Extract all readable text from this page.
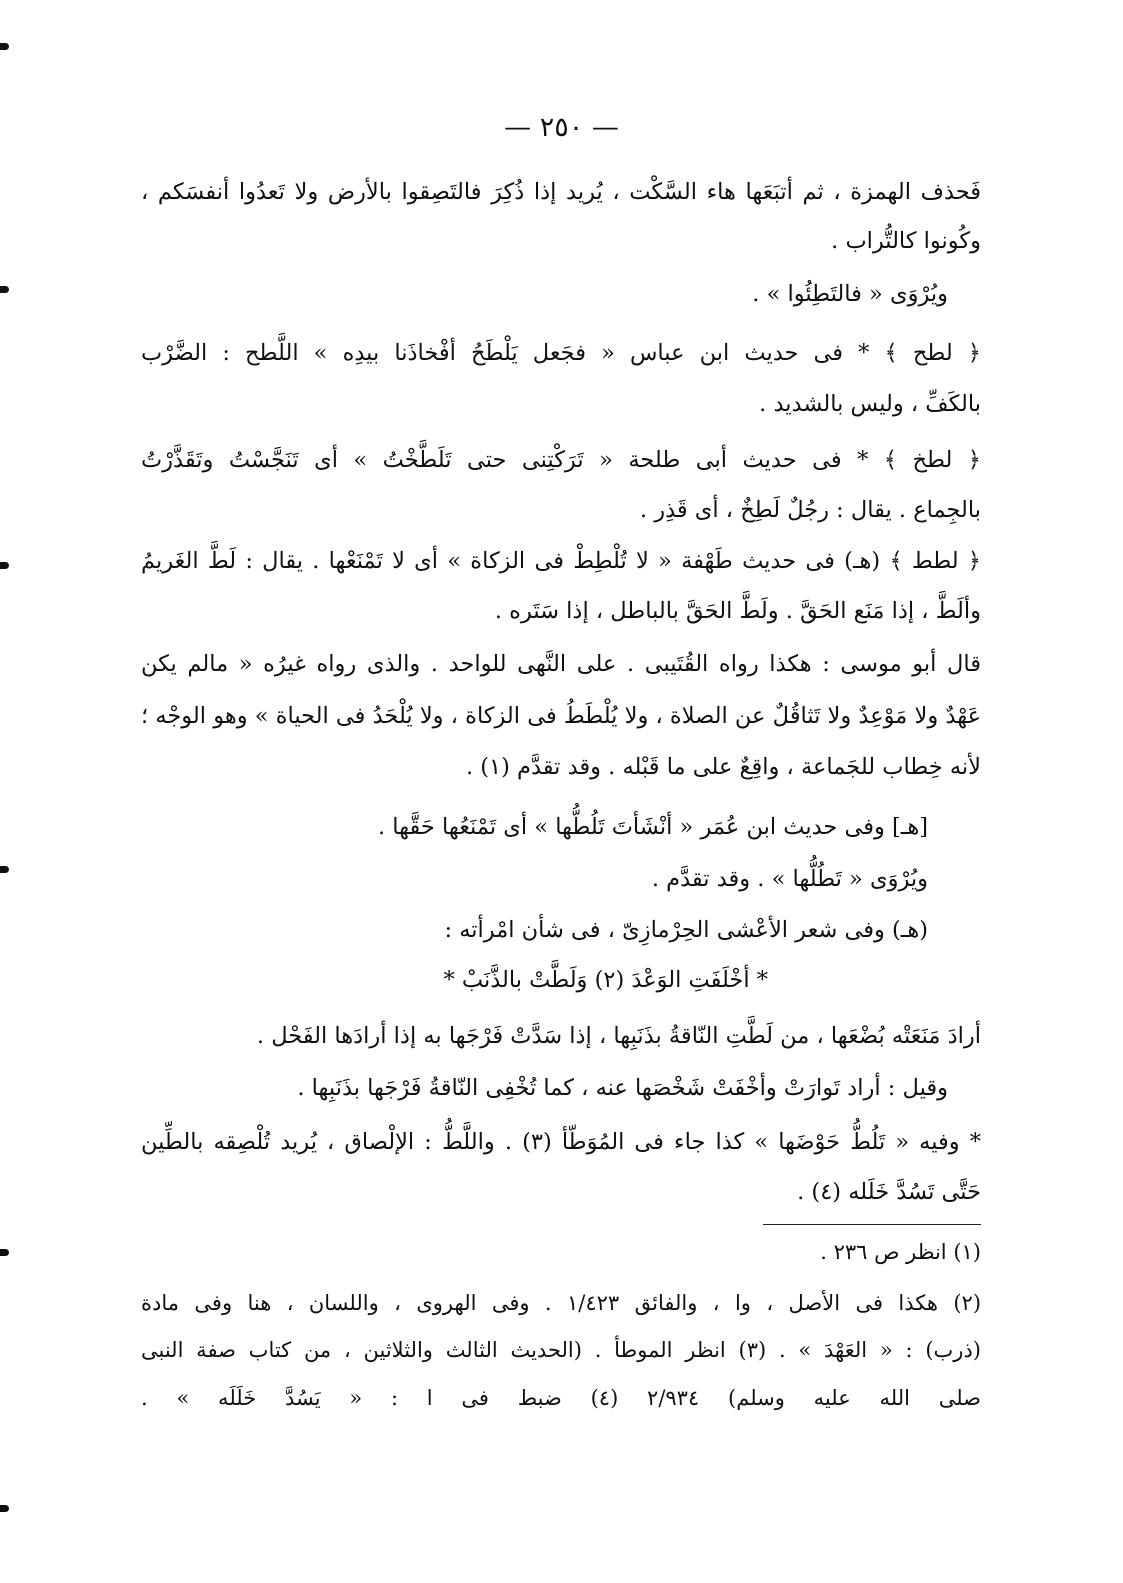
— ٢٥٠ —
فَحذف الهمزة ، ثم أتبَعَها هاء السَّكْت ، يُريد إذا ذُكِرَ فالتَصِقوا بالأرض ولا تَعدُوا أنفسَكم ،
وكُونوا كالتُّراب .
ويُرْوَى « فالتَطِئُوا » .
﴿ لطح ﴾ * فى حديث ابن عباس « فجَعل يَلْطَحُ أفْخاذَنا بيدِه » اللَّطح : الضَّرْب
بالكَفِّ ، وليس بالشديد .
﴿ لطخ ﴾ * فى حديث أبى طلحة « تَرَكْتِنى حتى تَلَطَّخْتُ » أى تَنَجَّسْتُ وتَقَذَّرْتُ
بالجِماع . يقال : رجُلٌ لَطِخٌ ، أى قَذِر .
﴿ لطط ﴾ (هـ) فى حديث طَهْفة « لا تُلْطِطْ فى الزكاة » أى لا تَمْنَعْها . يقال : لَطَّ الغَريمُ
وألَطَّ ، إذا مَنَع الحَقَّ . ولَطَّ الحَقَّ بالباطل ، إذا سَتَره .
قال أبو موسى : هكذا رواه القُتَيبى . على النَّهى للواحد . والذى رواه غيرُه « مالم يكن
عَهْدٌ ولا مَوْعِدٌ ولا تَثاقُلٌ عن الصلاة ، ولا يُلْطَطُ فى الزكاة ، ولا يُلْحَدُ فى الحياة » وهو الوجْه ؛
لأنه خِطاب للجَماعة ، واقِعٌ على ما قَبْله . وقد تقدَّم (١) .
[هـ] وفى حديث ابن عُمَر « أنْشَأتَ تَلُطُّها » أى تَمْنَعُها حَقَّها .
ويُرْوَى « تَطُلُّها » . وقد تقدَّم .
(هـ) وفى شعر الأعْشى الحِرْمازِىّ ، فى شأن امْرأته :
* أخْلَفَتِ الوَعْدَ (٢) وَلَطَّتْ بالذَّنَبْ *
أرادَ مَنَعَتْه بُضْعَها ، من لَطَّتِ النّاقةُ بذَنَبِها ، إذا سَدَّتْ فَرْجَها به إذا أرادَها الفَحْل .
وقيل : أراد تَوارَتْ وأخْفَتْ شَخْصَها عنه ، كما تُخْفِى النّاقةُ فَرْجَها بذَنَبِها .
* وفيه « تَلُطُّ حَوْضَها » كذا جاء فى المُوَطّأ (٣) . واللَّطُّ : الإلْصاق ، يُريد تُلْصِقه بالطِّين
حَتَّى تَسُدَّ خَلَله (٤) .
(١) انظر ص ٢٣٦ .
(٢) هكذا فى الأصل ، وا ، والفائق ١/٤٢٣ . وفى الهروى ، واللسان ، هنا وفى مادة
(ذرب) : « العَهْدَ » . (٣) انظر الموطأ . (الحديث الثالث والثلاثين ، من كتاب صفة النبى
صلى الله عليه وسلم) ٢/٩٣٤ (٤) ضبط فى ا : « يَسُدَّ خَلَلَه » .
